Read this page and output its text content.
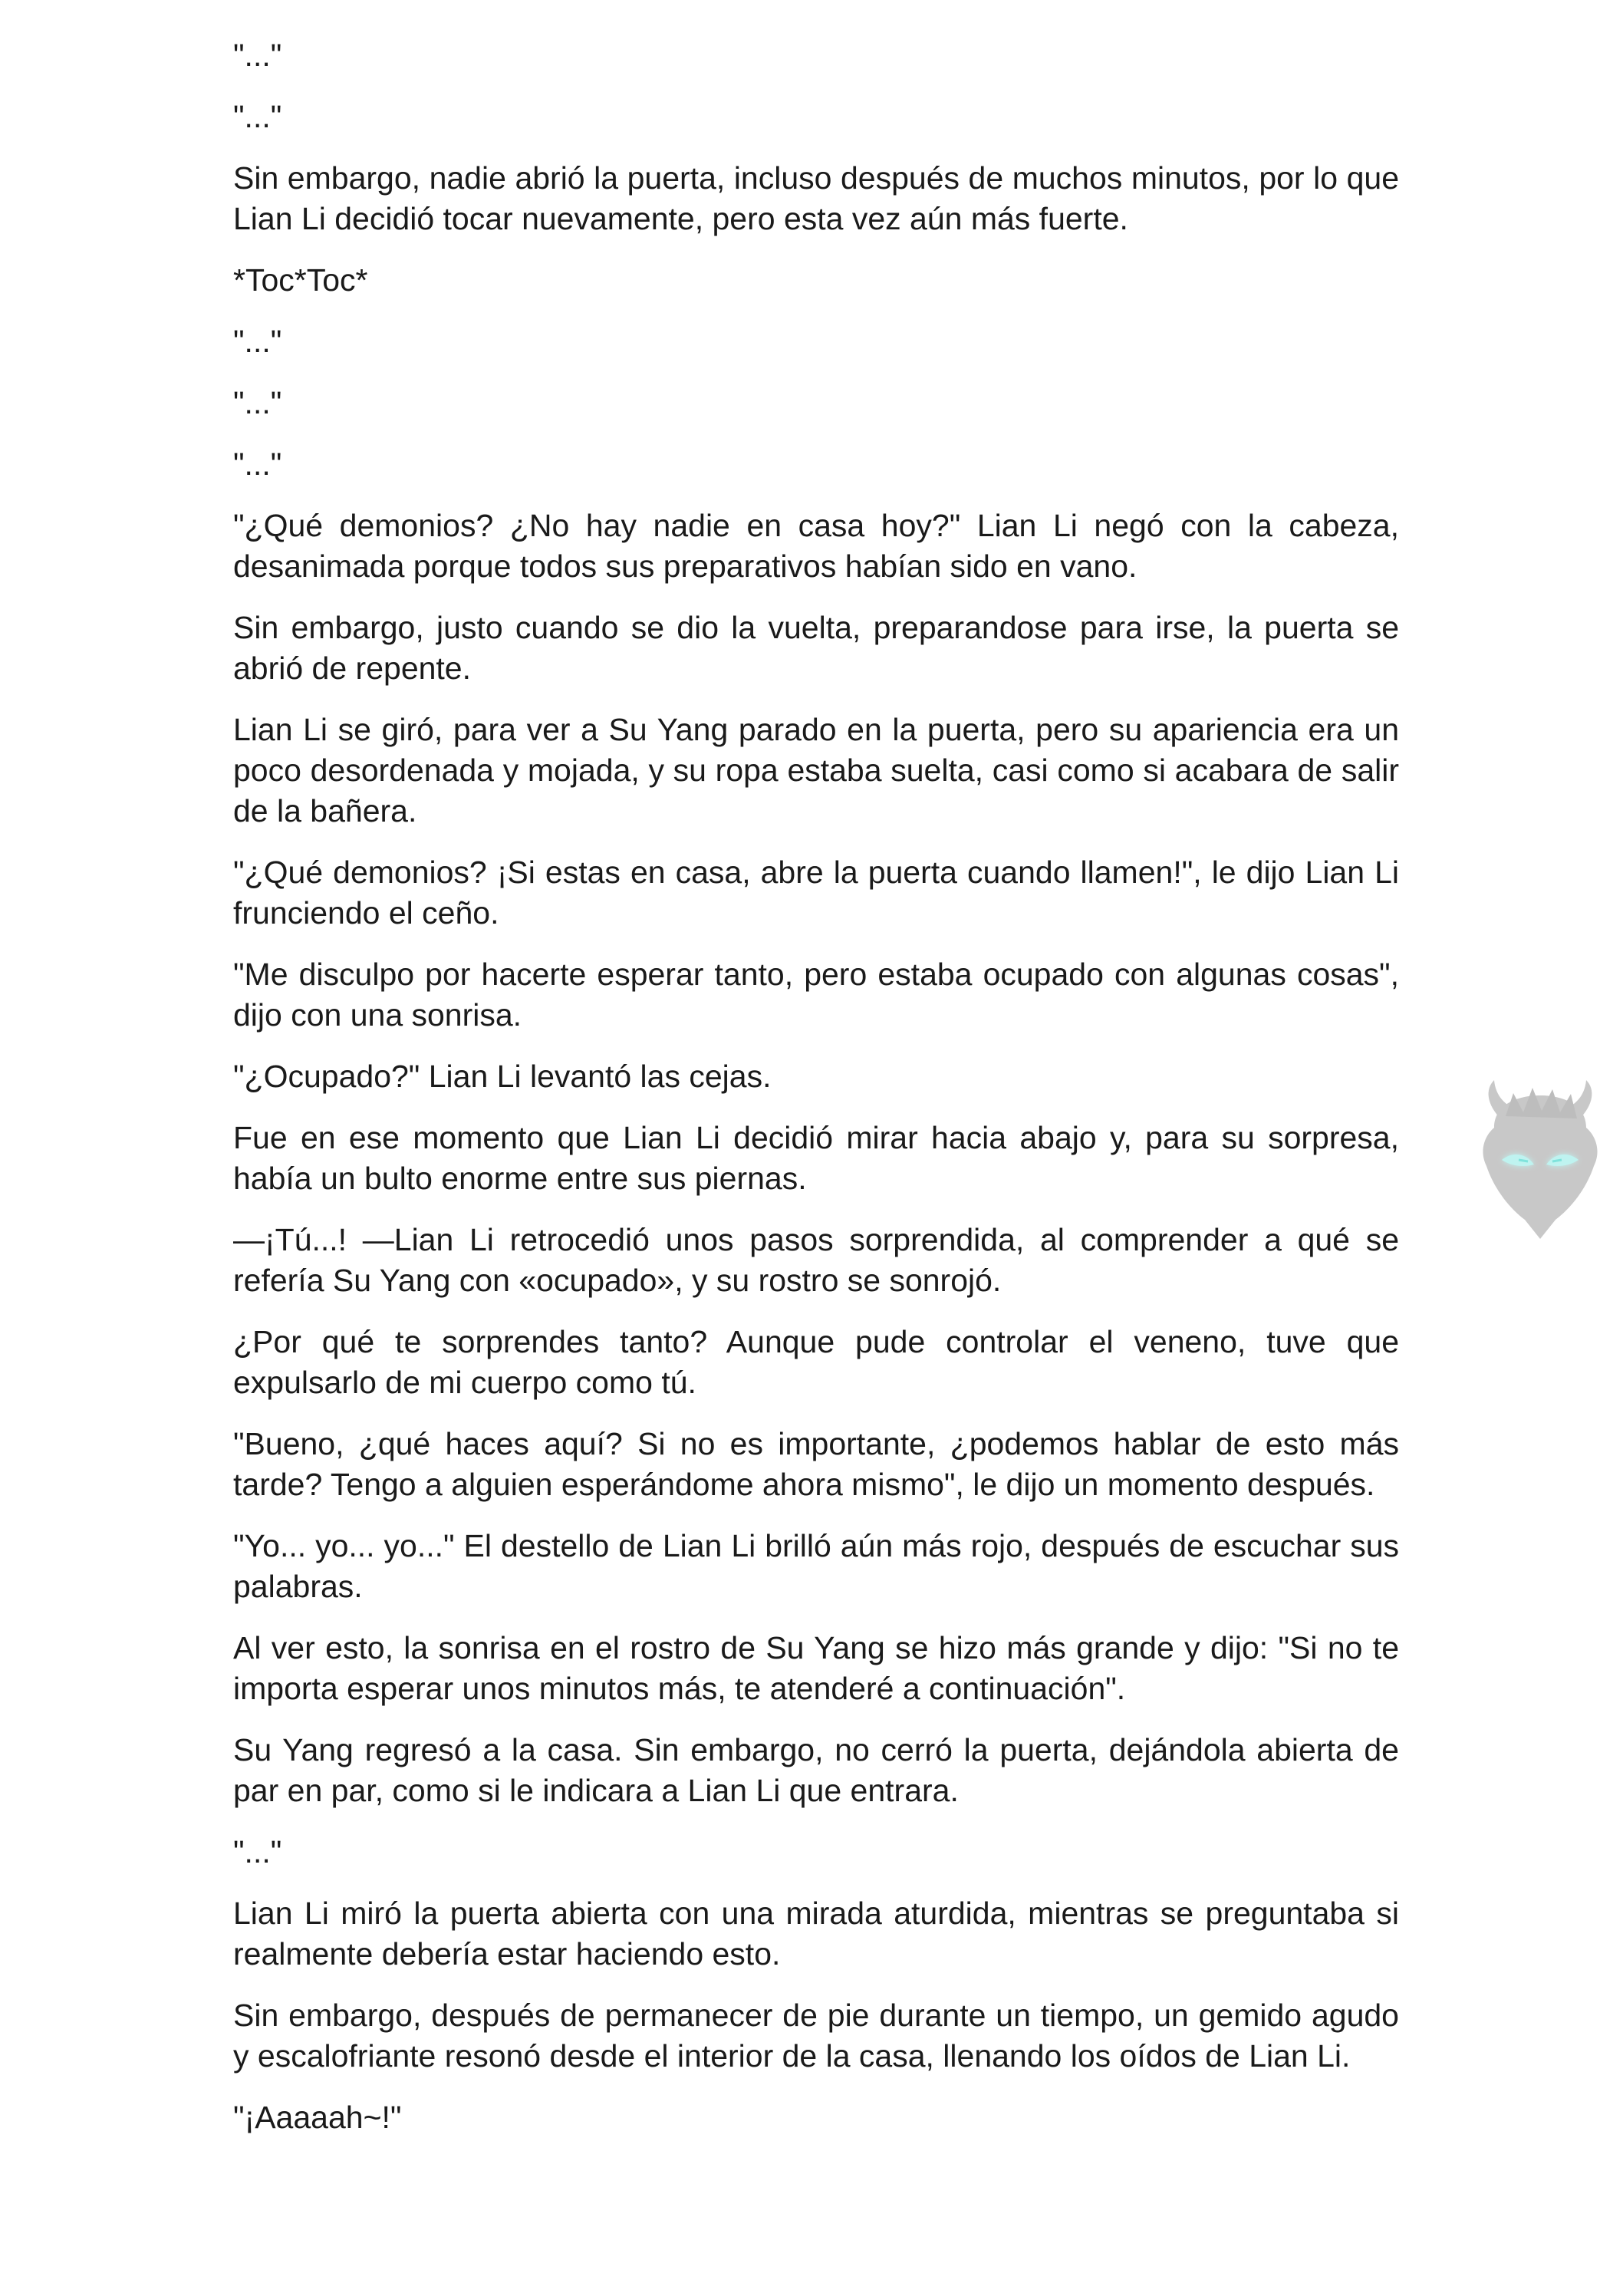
"..."

"..."

Sin embargo, nadie abrió la puerta, incluso después de muchos minutos, por lo que Lian Li decidió tocar nuevamente, pero esta vez aún más fuerte.

*Toc*Toc*

"..."

"..."

"..."

"¿Qué demonios? ¿No hay nadie en casa hoy?" Lian Li negó con la cabeza, desanimada porque todos sus preparativos habían sido en vano.

Sin embargo, justo cuando se dio la vuelta, preparandose para irse, la puerta se abrió de repente.

Lian Li se giró, para ver a Su Yang parado en la puerta, pero su apariencia era un poco desordenada y mojada, y su ropa estaba suelta, casi como si acabara de salir de la bañera.

"¿Qué demonios? ¡Si estas en casa, abre la puerta cuando llamen!", le dijo Lian Li frunciendo el ceño.

"Me disculpo por hacerte esperar tanto, pero estaba ocupado con algunas cosas", dijo con una sonrisa.

"¿Ocupado?" Lian Li levantó las cejas.

Fue en ese momento que Lian Li decidió mirar hacia abajo y, para su sorpresa, había un bulto enorme entre sus piernas.

—¡Tú...! —Lian Li retrocedió unos pasos sorprendida, al comprender a qué se refería Su Yang con «ocupado», y su rostro se sonrojó.

¿Por qué te sorprendes tanto? Aunque pude controlar el veneno, tuve que expulsarlo de mi cuerpo como tú.

"Bueno, ¿qué haces aquí? Si no es importante, ¿podemos hablar de esto más tarde? Tengo a alguien esperándome ahora mismo", le dijo un momento después.

"Yo... yo... yo..." El destello de Lian Li brilló aún más rojo, después de escuchar sus palabras.

Al ver esto, la sonrisa en el rostro de Su Yang se hizo más grande y dijo: "Si no te importa esperar unos minutos más, te atenderé a continuación".

Su Yang regresó a la casa. Sin embargo, no cerró la puerta, dejándola abierta de par en par, como si le indicara a Lian Li que entrara.

"..."

Lian Li miró la puerta abierta con una mirada aturdida, mientras se preguntaba si realmente debería estar haciendo esto.

Sin embargo, después de permanecer de pie durante un tiempo, un gemido agudo y escalofriante resonó desde el interior de la casa, llenando los oídos de Lian Li.

"¡Aaaaah~!"
